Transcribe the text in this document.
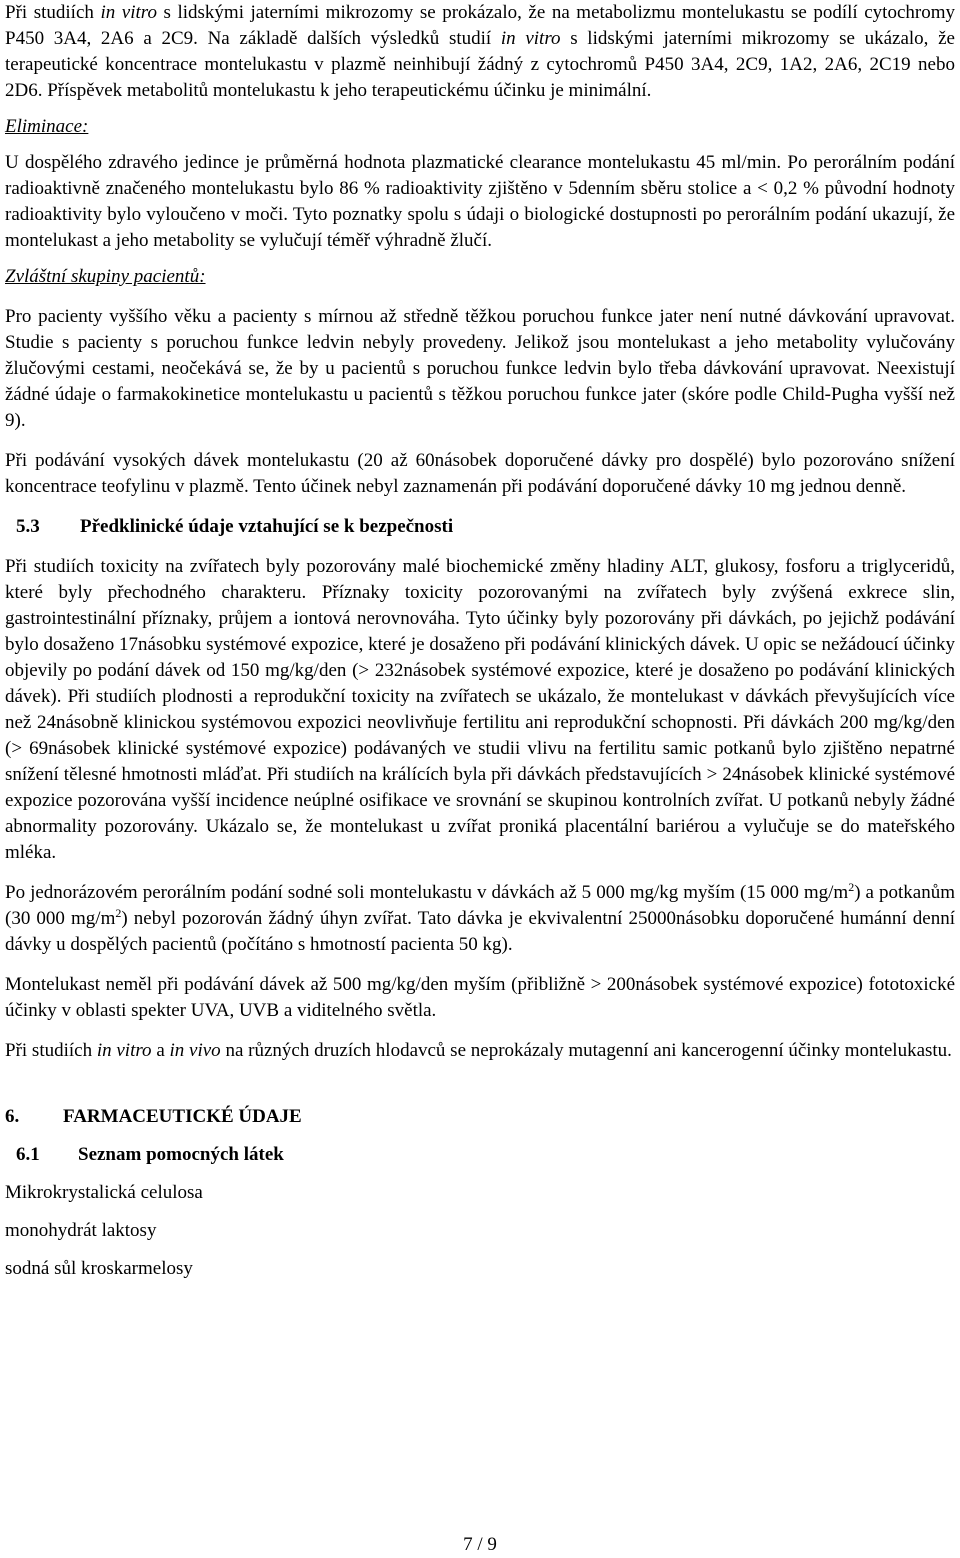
Při studiích in vitro s lidskými jaterními mikrozomy se prokázalo, že na metabolizmu montelukastu se podílí cytochromy P450 3A4, 2A6 a 2C9. Na základě dalších výsledků studií in vitro s lidskými jaterními mikrozomy se ukázalo, že terapeutické koncentrace montelukastu v plazmě neinhibují žádný z cytochromů P450 3A4, 2C9, 1A2, 2A6, 2C19 nebo 2D6. Příspěvek metabolitů montelukastu k jeho terapeutickému účinku je minimální.

Eliminace:

U dospělého zdravého jedince je průměrná hodnota plazmatické clearance montelukastu 45 ml/min. Po perorálním podání radioaktivně značeného montelukastu bylo 86 % radioaktivity zjištěno v 5denním sběru stolice a < 0,2 % původní hodnoty radioaktivity bylo vyloučeno v moči. Tyto poznatky spolu s údaji o biologické dostupnosti po perorálním podání ukazují, že montelukast a jeho metabolity se vylučují téměř výhradně žlučí.

Zvláštní skupiny pacientů:

Pro pacienty vyššího věku a pacienty s mírnou až středně těžkou poruchou funkce jater není nutné dávkování upravovat. Studie s pacienty s poruchou funkce ledvin nebyly provedeny. Jelikož jsou montelukast a jeho metabolity vylučovány žlučovými cestami, neočekává se, že by u pacientů s poruchou funkce ledvin bylo třeba dávkování upravovat. Neexistují žádné údaje o farmakokinetice montelukastu u pacientů s těžkou poruchou funkce jater (skóre podle Child-Pugha vyšší než 9).

Při podávání vysokých dávek montelukastu (20 až 60násobek doporučené dávky pro dospělé) bylo pozorováno snížení koncentrace teofylinu v plazmě. Tento účinek nebyl zaznamenán při podávání doporučené dávky 10 mg jednou denně.

5.3 Předklinické údaje vztahující se k bezpečnosti

Při studiích toxicity na zvířatech byly pozorovány malé biochemické změny hladiny ALT, glukosy, fosforu a triglyceridů, které byly přechodného charakteru. Příznaky toxicity pozorovanými na zvířatech byly zvýšená exkrece slin, gastrointestinální příznaky, průjem a iontová nerovnováha. Tyto účinky byly pozorovány při dávkách, po jejichž podávání bylo dosaženo 17násobku systémové expozice, které je dosaženo při podávání klinických dávek. U opic se nežádoucí účinky objevily po podání dávek od 150 mg/kg/den (> 232násobek systémové expozice, které je dosaženo po podávání klinických dávek). Při studiích plodnosti a reprodukční toxicity na zvířatech se ukázalo, že montelukast v dávkách převyšujících více než 24násobně klinickou systémovou expozici neovlivňuje fertilitu ani reprodukční schopnosti. Při dávkách 200 mg/kg/den (> 69násobek klinické systémové expozice) podávaných ve studii vlivu na fertilitu samic potkanů bylo zjištěno nepatrné snížení tělesné hmotnosti mláďat. Při studiích na králících byla při dávkách představujících > 24násobek klinické systémové expozice pozorována vyšší incidence neúplné osifikace ve srovnání se skupinou kontrolních zvířat. U potkanů nebyly žádné abnormality pozorovány. Ukázalo se, že montelukast u zvířat proniká placentální bariérou a vylučuje se do mateřského mléka.

Po jednorázovém perorálním podání sodné soli montelukastu v dávkách až 5 000 mg/kg myším (15 000 $mg/m^2$) a potkanům (30 000 $mg/m^2$) nebyl pozorován žádný úhyn zvířat. Tato dávka je ekvivalentní 25000násobku doporučené humánní denní dávky u dospělých pacientů (počítáno s hmotností pacienta 50 kg).

Montelukast neměl při podávání dávek až 500 mg/kg/den myším (přibližně > 200násobek systémové expozice) fototoxické účinky v oblasti spekter UVA, UVB a viditelného světla.

Při studiích in vitro a in vivo na různých druzích hlodavců se neprokázaly mutagenní ani kancerogenní účinky montelukastu.

6. FARMACEUTICKÉ ÚDAJE

6.1 Seznam pomocných látek

Mikrokrystalická celulosa

monohydrát laktosy

sodná sůl kroskarmelosy

7 / 9
